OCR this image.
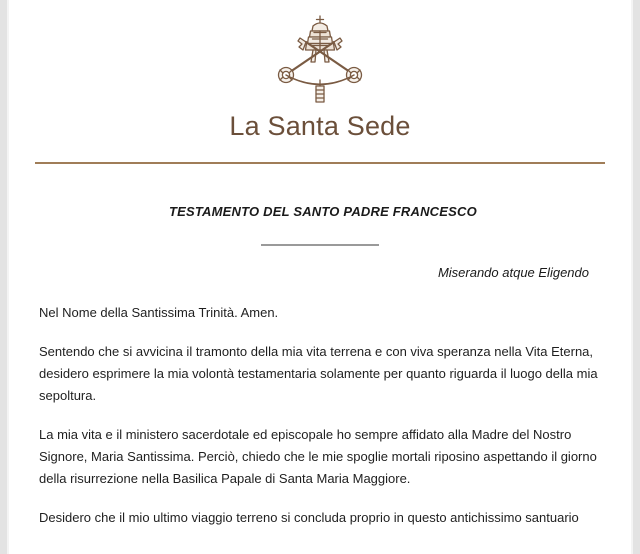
La Santa Sede
TESTAMENTO DEL SANTO PADRE FRANCESCO

Miserando atque Eligendo

Nel Nome della Santissima Trinità. Amen.

Sentendo che si avvicina il tramonto della mia vita terrena e con viva speranza nella Vita Eterna, desidero esprimere la mia volontà testamentaria solamente per quanto riguarda il luogo della mia sepoltura.

La mia vita e il ministero sacerdotale ed episcopale ho sempre affidato alla Madre del Nostro Signore, Maria Santissima. Perciò, chiedo che le mie spoglie mortali riposino aspettando il giorno della risurrezione nella Basilica Papale di Santa Maria Maggiore.

Desidero che il mio ultimo viaggio terreno si concluda proprio in questo antichissimo santuario
